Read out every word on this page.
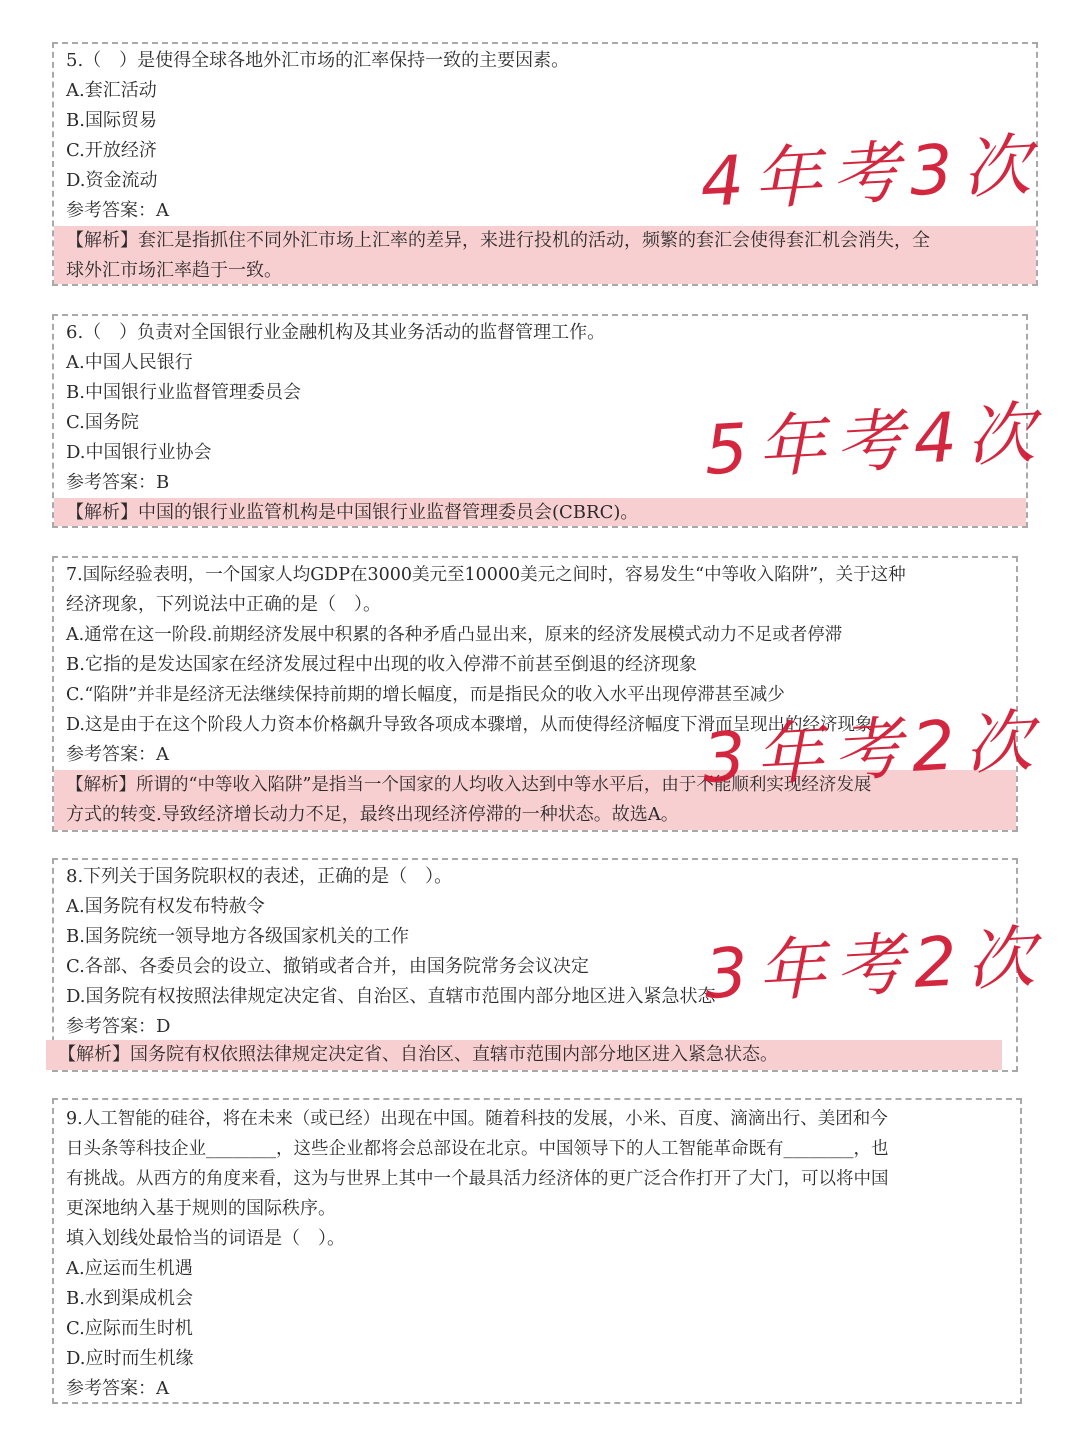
5.（　）是使得全球各地外汇市场的汇率保持一致的主要因素。
A.套汇活动
B.国际贸易
C.开放经济
D.资金流动
参考答案：A
【解析】套汇是指抓住不同外汇市场上汇率的差异，来进行投机的活动，频繁的套汇会使得套汇机会消失，全
球外汇市场汇率趋于一致。
4年考3次
6.（　）负责对全国银行业金融机构及其业务活动的监督管理工作。
A.中国人民银行
B.中国银行业监督管理委员会
C.国务院
D.中国银行业协会
参考答案：B
【解析】中国的银行业监管机构是中国银行业监督管理委员会(CBRC)。
5年考4次
7.国际经验表明，一个国家人均GDP在3000美元至10000美元之间时，容易发生“中等收入陷阱”，关于这种
经济现象，下列说法中正确的是（　）。
A.通常在这一阶段.前期经济发展中积累的各种矛盾凸显出来，原来的经济发展模式动力不足或者停滞
B.它指的是发达国家在经济发展过程中出现的收入停滞不前甚至倒退的经济现象
C.“陷阱”并非是经济无法继续保持前期的增长幅度，而是指民众的收入水平出现停滞甚至减少
D.这是由于在这个阶段人力资本价格飙升导致各项成本骤增，从而使得经济幅度下滑而呈现出的经济现象
参考答案：A
【解析】所谓的“中等收入陷阱”是指当一个国家的人均收入达到中等水平后，由于不能顺利实现经济发展
方式的转变.导致经济增长动力不足，最终出现经济停滞的一种状态。故选A。
3年考2次
8.下列关于国务院职权的表述，正确的是（　）。
A.国务院有权发布特赦令
B.国务院统一领导地方各级国家机关的工作
C.各部、各委员会的设立、撤销或者合并，由国务院常务会议决定
D.国务院有权按照法律规定决定省、自治区、直辖市范围内部分地区进入紧急状态
参考答案：D
【解析】国务院有权依照法律规定决定省、自治区、直辖市范围内部分地区进入紧急状态。
3年考2次
9.人工智能的硅谷，将在未来（或已经）出现在中国。随着科技的发展，小米、百度、滴滴出行、美团和今
日头条等科技企业________，这些企业都将会总部设在北京。中国领导下的人工智能革命既有________，也
有挑战。从西方的角度来看，这为与世界上其中一个最具活力经济体的更广泛合作打开了大门，可以将中国
更深地纳入基于规则的国际秩序。
填入划线处最恰当的词语是（　）。
A.应运而生机遇
B.水到渠成机会
C.应际而生时机
D.应时而生机缘
参考答案：A
